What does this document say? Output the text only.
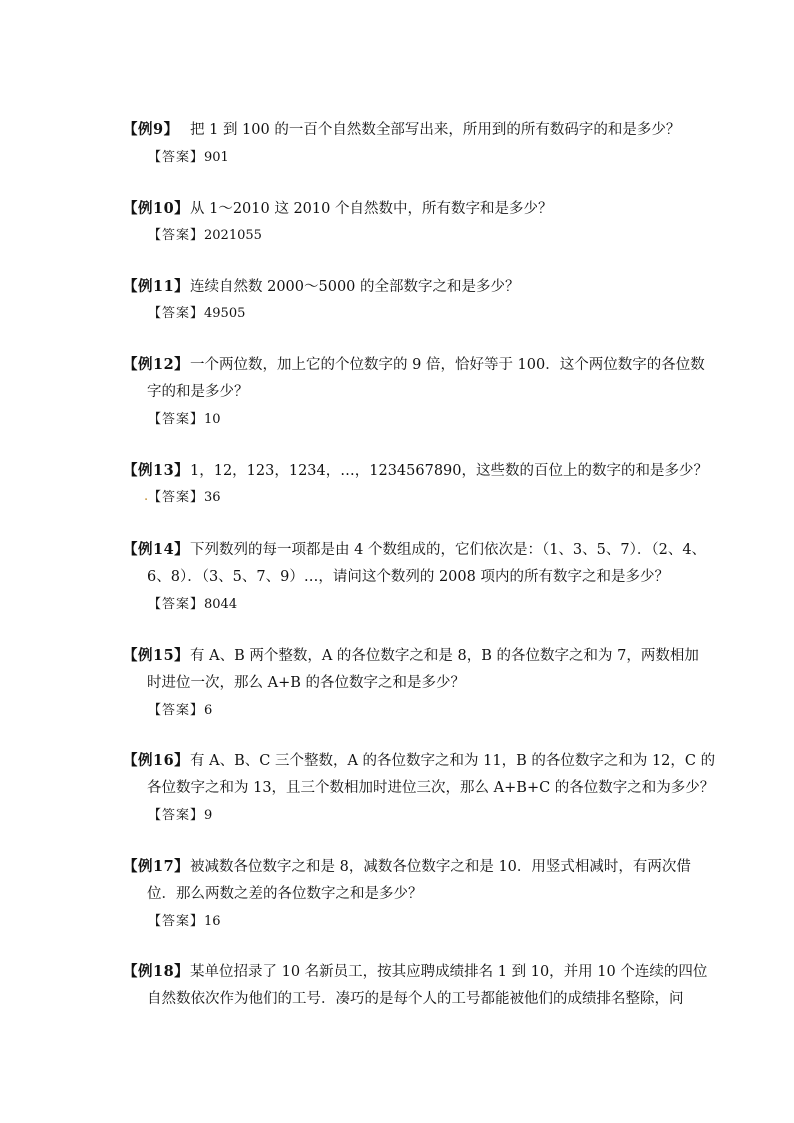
【例9】 把 1 到 100 的一百个自然数全部写出来，所用到的所有数码字的和是多少？
【答案】901
【例10】 从 1～2010 这 2010 个自然数中，所有数字和是多少？
【答案】2021055
【例11】 连续自然数 2000～5000 的全部数字之和是多少？
【答案】49505
【例12】 一个两位数，加上它的个位数字的 9 倍，恰好等于 100．这个两位数字的各位数
字的和是多少？
【答案】10
【例13】 1，12，123，1234，…，1234567890，这些数的百位上的数字的和是多少？
. 【答案】36
【例14】 下列数列的每一项都是由 4 个数组成的，它们依次是：（1、3、5、7）．（2、4、
6、8）．（3、5、7、9）…，请问这个数列的 2008 项内的所有数字之和是多少？
【答案】8044
【例15】 有 A、B 两个整数，A 的各位数字之和是 8，B 的各位数字之和为 7，两数相加
时进位一次，那么 A+B 的各位数字之和是多少？
【答案】6
【例16】 有 A、B、C 三个整数，A 的各位数字之和为 11，B 的各位数字之和为 12，C 的
各位数字之和为 13，且三个数相加时进位三次，那么 A+B+C 的各位数字之和为多少？
【答案】9
【例17】 被减数各位数字之和是 8，减数各位数字之和是 10．用竖式相减时，有两次借
位．那么两数之差的各位数字之和是多少？
【答案】16
【例18】 某单位招录了 10 名新员工，按其应聘成绩排名 1 到 10，并用 10 个连续的四位
自然数依次作为他们的工号．凑巧的是每个人的工号都能被他们的成绩排名整除，问
